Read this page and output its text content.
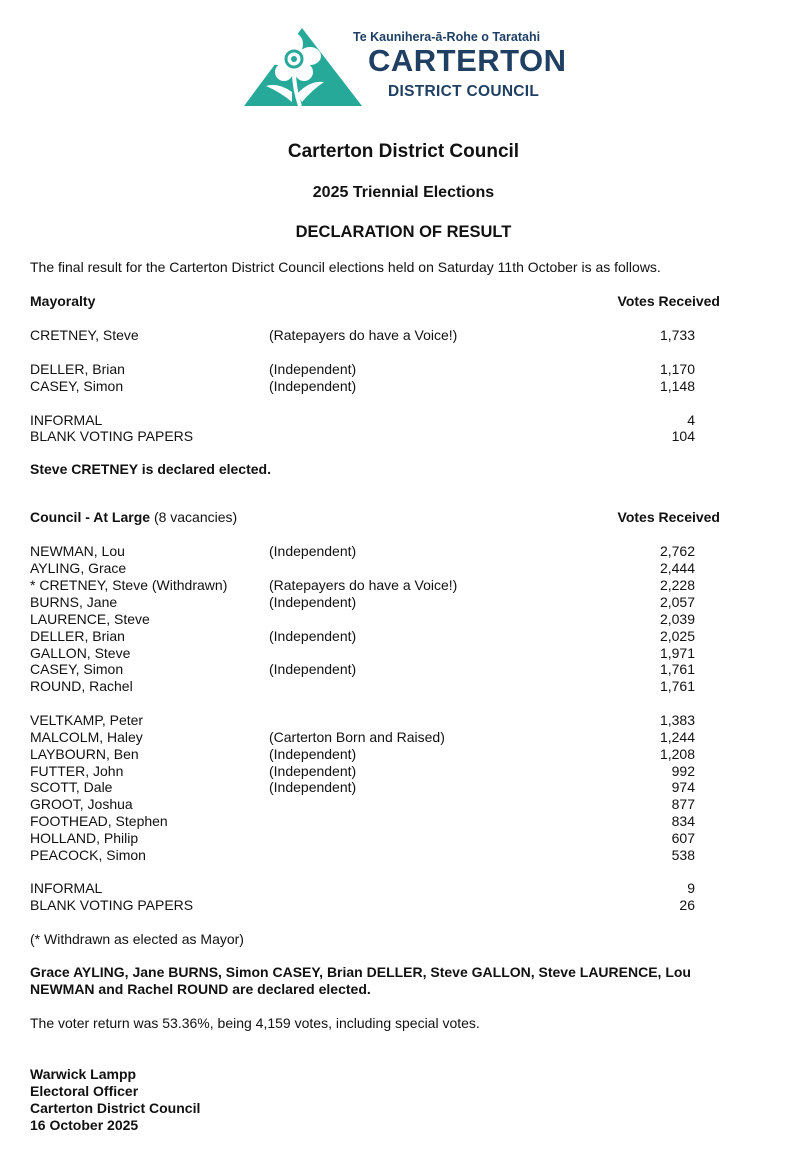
Te Kaunihera-ā-Rohe o Taratahi
CARTERTON
DISTRICT COUNCIL
Carterton District Council
2025 Triennial Elections
DECLARATION OF RESULT
The final result for the Carterton District Council elections held on Saturday 11th October is as follows.
Mayoralty	Votes Received
CRETNEY, Steve	(Ratepayers do have a Voice!)	1,733
DELLER, Brian	(Independent)	1,170
CASEY, Simon	(Independent)	1,148
INFORMAL	4
BLANK VOTING PAPERS	104
Steve CRETNEY is declared elected.
Council - At Large (8 vacancies)	Votes Received
NEWMAN, Lou	(Independent)	2,762
AYLING, Grace	2,444
* CRETNEY, Steve (Withdrawn)	(Ratepayers do have a Voice!)	2,228
BURNS, Jane	(Independent)	2,057
LAURENCE, Steve	2,039
DELLER, Brian	(Independent)	2,025
GALLON, Steve	1,971
CASEY, Simon	(Independent)	1,761
ROUND, Rachel	1,761
VELTKAMP, Peter	1,383
MALCOLM, Haley	(Carterton Born and Raised)	1,244
LAYBOURN, Ben	(Independent)	1,208
FUTTER, John	(Independent)	992
SCOTT, Dale	(Independent)	974
GROOT, Joshua	877
FOOTHEAD, Stephen	834
HOLLAND, Philip	607
PEACOCK, Simon	538
INFORMAL	9
BLANK VOTING PAPERS	26
(* Withdrawn as elected as Mayor)
Grace AYLING, Jane BURNS, Simon CASEY, Brian DELLER, Steve GALLON, Steve LAURENCE, Lou NEWMAN and Rachel ROUND are declared elected.
The voter return was 53.36%, being 4,159 votes, including special votes.
Warwick Lampp
Electoral Officer
Carterton District Council
16 October 2025
